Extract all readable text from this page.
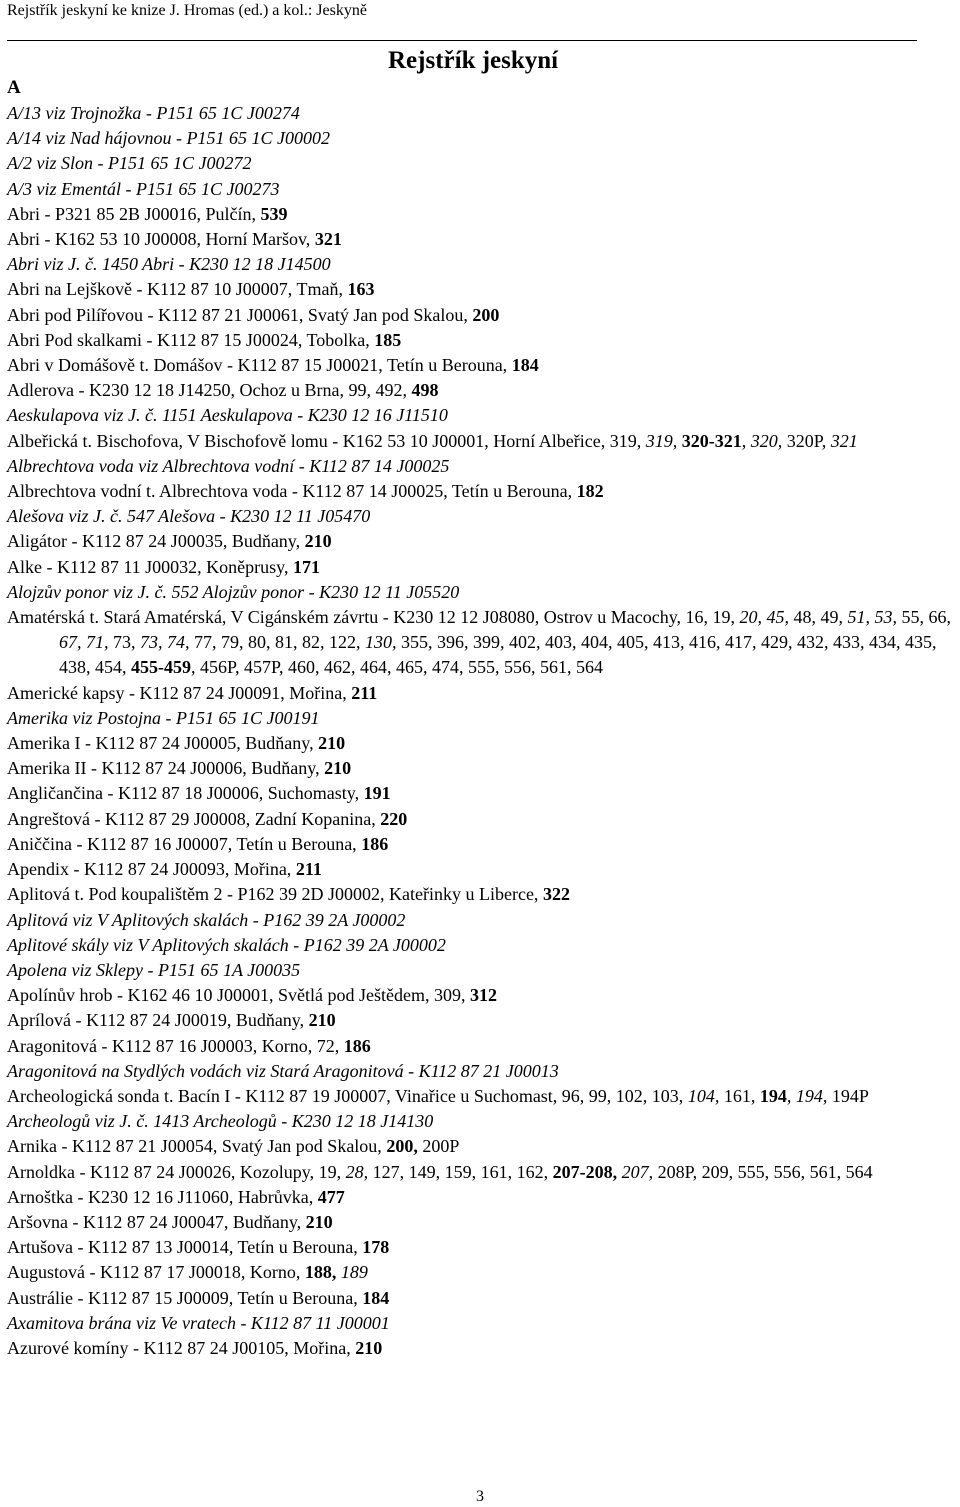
Rejstřík jeskyní ke knize J. Hromas (ed.) a kol.: Jeskyně
Rejstřík jeskyní
A
A/13 viz Trojnožka - P151 65 1C J00274
A/14 viz Nad hájovnou - P151 65 1C J00002
A/2 viz Slon - P151 65 1C J00272
A/3 viz Ementál - P151 65 1C J00273
Abri - P321 85 2B J00016, Pulčín, 539
Abri - K162 53 10 J00008, Horní Maršov, 321
Abri viz J. č. 1450 Abri - K230 12 18 J14500
Abri na Lejškově - K112 87 10 J00007, Tmaň, 163
Abri pod Pilířovou - K112 87 21 J00061, Svatý Jan pod Skalou, 200
Abri Pod skalkami - K112 87 15 J00024, Tobolka, 185
Abri v Domášově t. Domášov - K112 87 15 J00021, Tetín u Berouna, 184
Adlerova - K230 12 18 J14250, Ochoz u Brna, 99, 492, 498
Aeskulapova viz J. č. 1151 Aeskulapova - K230 12 16 J11510
Albeřická t. Bischofova, V Bischofově lomu - K162 53 10 J00001, Horní Albeřice, 319, 319, 320-321, 320, 320P, 321
Albrechtova voda viz Albrechtova vodní - K112 87 14 J00025
Albrechtova vodní t. Albrechtova voda - K112 87 14 J00025, Tetín u Berouna, 182
Alešova viz J. č. 547 Alešova - K230 12 11 J05470
Aligátor - K112 87 24 J00035, Budňany, 210
Alke - K112 87 11 J00032, Koněprusy, 171
Alojzův ponor viz J. č. 552 Alojzův ponor - K230 12 11 J05520
Amatérská t. Stará Amatérská, V Cigánském závrtu - K230 12 12 J08080, Ostrov u Macochy, 16, 19, 20, 45, 48, 49, 51, 53, 55, 66, 67, 71, 73, 73, 74, 77, 79, 80, 81, 82, 122, 130, 355, 396, 399, 402, 403, 404, 405, 413, 416, 417, 429, 432, 433, 434, 435, 438, 454, 455-459, 456P, 457P, 460, 462, 464, 465, 474, 555, 556, 561, 564
Americké kapsy - K112 87 24 J00091, Mořina, 211
Amerika viz Postojna - P151 65 1C J00191
Amerika I - K112 87 24 J00005, Budňany, 210
Amerika II - K112 87 24 J00006, Budňany, 210
Angličančina - K112 87 18 J00006, Suchomasty, 191
Angreštová - K112 87 29 J00008, Zadní Kopanina, 220
Aniččina - K112 87 16 J00007, Tetín u Berouna, 186
Apendix - K112 87 24 J00093, Mořina, 211
Aplitová t. Pod koupalištěm 2 - P162 39 2D J00002, Kateřinky u Liberce, 322
Aplitová viz V Aplitových skalách - P162 39 2A J00002
Aplitové skály viz V Aplitových skalách - P162 39 2A J00002
Apolena viz Sklepy - P151 65 1A J00035
Apolínův hrob - K162 46 10 J00001, Světlá pod Ještědem, 309, 312
Aprílová - K112 87 24 J00019, Budňany, 210
Aragonitová - K112 87 16 J00003, Korno, 72, 186
Aragonitová na Stydlých vodách viz Stará Aragonitová - K112 87 21 J00013
Archeologická sonda t. Bacín I - K112 87 19 J00007, Vinařice u Suchomast, 96, 99, 102, 103, 104, 161, 194, 194, 194P
Archeologů viz J. č. 1413 Archeologů - K230 12 18 J14130
Arnika - K112 87 21 J00054, Svatý Jan pod Skalou, 200, 200P
Arnoldka - K112 87 24 J00026, Kozolupy, 19, 28, 127, 149, 159, 161, 162, 207-208, 207, 208P, 209, 555, 556, 561, 564
Arnoštka - K230 12 16 J11060, Habrůvka, 477
Aršovna - K112 87 24 J00047, Budňany, 210
Artušova - K112 87 13 J00014, Tetín u Berouna, 178
Augustová - K112 87 17 J00018, Korno, 188, 189
Austrálie - K112 87 15 J00009, Tetín u Berouna, 184
Axamitova brána viz Ve vratech - K112 87 11 J00001
Azurové komíny - K112 87 24 J00105, Mořina, 210
3
